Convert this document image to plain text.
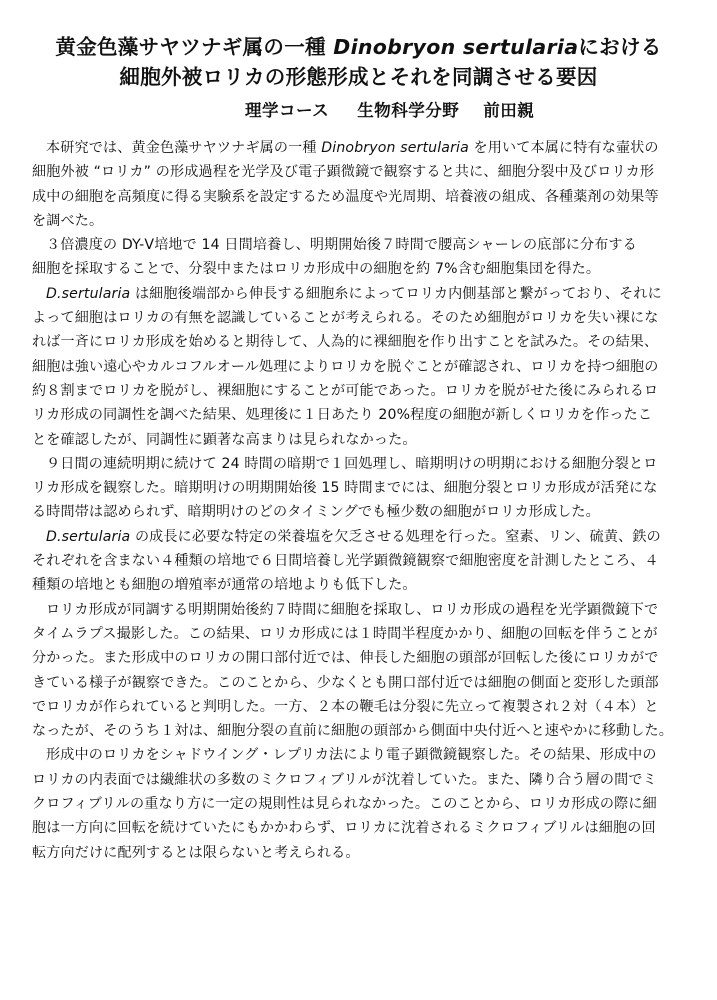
黄金色藻サヤツナギ属の一種 Dinobryon sertulariaにおける
細胞外被ロリカの形態形成とそれを同調させる要因
理学コース 生物科学分野 前田親
本研究では、黄金色藻サヤツナギ属の一種 Dinobryon sertularia を用いて本属に特有な壷状の
細胞外被 “ロリカ” の形成過程を光学及び電子顕微鏡で観察すると共に、細胞分裂中及びロリカ形
成中の細胞を高頻度に得る実験系を設定するため温度や光周期、培養液の組成、各種薬剤の効果等
を調べた。
３倍濃度の DY-Ⅴ培地で 14 日間培養し、明期開始後７時間で腰高シャーレの底部に分布する
細胞を採取することで、分裂中またはロリカ形成中の細胞を約 7%含む細胞集団を得た。
D.sertularia は細胞後端部から伸長する細胞糸によってロリカ内側基部と繋がっており、それに
よって細胞はロリカの有無を認識していることが考えられる。そのため細胞がロリカを失い裸にな
れば一斉にロリカ形成を始めると期待して、人為的に裸細胞を作り出すことを試みた。その結果、
細胞は強い遠心やカルコフルオール処理によりロリカを脱ぐことが確認され、ロリカを持つ細胞の
約８割までロリカを脱がし、裸細胞にすることが可能であった。ロリカを脱がせた後にみられるロ
リカ形成の同調性を調べた結果、処理後に１日あたり 20%程度の細胞が新しくロリカを作ったこ
とを確認したが、同調性に顕著な高まりは見られなかった。
９日間の連続明期に続けて 24 時間の暗期で１回処理し、暗期明けの明期における細胞分裂とロ
リカ形成を観察した。暗期明けの明期開始後 15 時間までには、細胞分裂とロリカ形成が活発にな
る時間帯は認められず、暗期明けのどのタイミングでも極少数の細胞がロリカ形成した。
D.sertularia の成長に必要な特定の栄養塩を欠乏させる処理を行った。窒素、リン、硫黄、鉄の
それぞれを含まない４種類の培地で６日間培養し光学顕微鏡観察で細胞密度を計測したところ、４
種類の培地とも細胞の増殖率が通常の培地よりも低下した。
ロリカ形成が同調する明期開始後約７時間に細胞を採取し、ロリカ形成の過程を光学顕微鏡下で
タイムラプス撮影した。この結果、ロリカ形成には１時間半程度かかり、細胞の回転を伴うことが
分かった。また形成中のロリカの開口部付近では、伸長した細胞の頭部が回転した後にロリカがで
きている様子が観察できた。このことから、少なくとも開口部付近では細胞の側面と変形した頭部
でロリカが作られていると判明した。一方、２本の鞭毛は分裂に先立って複製され２対（４本）と
なったが、そのうち１対は、細胞分裂の直前に細胞の頭部から側面中央付近へと速やかに移動した。
形成中のロリカをシャドウイング・レプリカ法により電子顕微鏡観察した。その結果、形成中の
ロリカの内表面では繊維状の多数のミクロフィブリルが沈着していた。また、隣り合う層の間でミ
クロフィブリルの重なり方に一定の規則性は見られなかった。このことから、ロリカ形成の際に細
胞は一方向に回転を続けていたにもかかわらず、ロリカに沈着されるミクロフィブリルは細胞の回
転方向だけに配列するとは限らないと考えられる。
